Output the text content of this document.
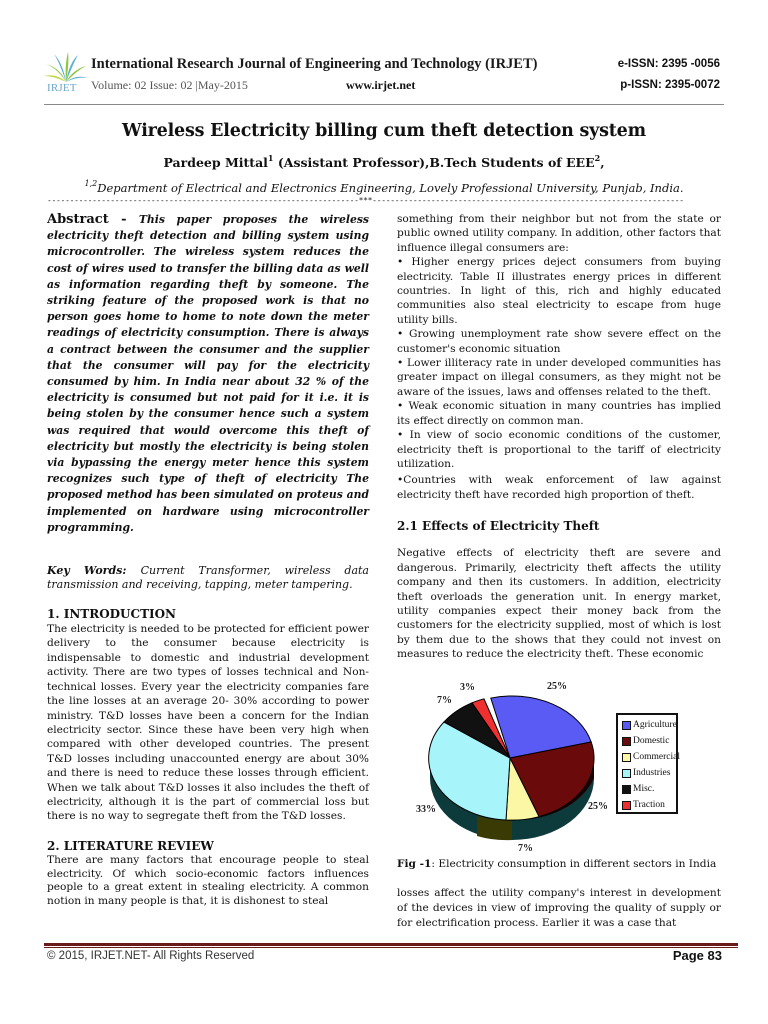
IRJET
International Research Journal of Engineering and Technology (IRJET)
Volume: 02 Issue: 02 |May-2015	www.irjet.net
e-ISSN: 2395 -0056
p-ISSN: 2395-0072
Wireless Electricity billing cum theft detection system
Pardeep Mittal$^1$ (Assistant Professor),B.Tech Students of EEE$^2$,
$^{1,2}$Department of Electrical and Electronics Engineering, Lovely Professional University, Punjab, India.
---------------------------------------------------------------------***---------------------------------------------------------------------

Abstract - This paper proposes the wireless electricity theft detection and billing system using microcontroller. The wireless system reduces the cost of wires used to transfer the billing data as well as information regarding theft by someone. The striking feature of the proposed work is that no person goes home to home to note down the meter readings of electricity consumption. There is always a contract between the consumer and the supplier that the consumer will pay for the electricity consumed by him. In India near about 32 % of the electricity is consumed but not paid for it i.e. it is being stolen by the consumer hence such a system was required that would overcome this theft of electricity but mostly the electricity is being stolen via bypassing the energy meter hence this system recognizes such type of theft of electricity The proposed method has been simulated on proteus and implemented on hardware using microcontroller programming.

Key Words: Current Transformer, wireless data transmission and receiving, tapping, meter tampering.

1. INTRODUCTION

The electricity is needed to be protected for efficient power delivery to the consumer because electricity is indispensable to domestic and industrial development activity. There are two types of losses technical and Non-technical losses. Every year the electricity companies fare the line losses at an average 20- 30% according to power ministry. T&D losses have been a concern for the Indian electricity sector. Since these have been very high when compared with other developed countries. The present T&D losses including unaccounted energy are about 30% and there is need to reduce these losses through efficient. When we talk about T&D losses it also includes the theft of electricity, although it is the part of commercial loss but there is no way to segregate theft from the T&D losses.

2. LITERATURE REVIEW

There are many factors that encourage people to steal electricity. Of which socio-economic factors influences people to a great extent in stealing electricity. A common notion in many people is that, it is dishonest to steal

something from their neighbor but not from the state or public owned utility company. In addition, other factors that influence illegal consumers are:

• Higher energy prices deject consumers from buying electricity. Table II illustrates energy prices in different countries. In light of this, rich and highly educated communities also steal electricity to escape from huge utility bills.

• Growing unemployment rate show severe effect on the customer's economic situation

• Lower illiteracy rate in under developed communities has greater impact on illegal consumers, as they might not be aware of the issues, laws and offenses related to the theft.

• Weak economic situation in many countries has implied its effect directly on common man.

• In view of socio economic conditions of the customer, electricity theft is proportional to the tariff of electricity utilization.

•Countries with weak enforcement of law against electricity theft have recorded high proportion of theft.

2.1 Effects of Electricity Theft

Negative effects of electricity theft are severe and dangerous. Primarily, electricity theft affects the utility company and then its customers. In addition, electricity theft overloads the generation unit. In energy market, utility companies expect their money back from the customers for the electricity supplied, most of which is lost by them due to the shows that they could not invest on measures to reduce the electricity theft. These economic

25%
25%
7%
33%
7%
3%
Agriculture
Domestic
Commercial
Industries
Misc.
Traction
Fig -1: Electricity consumption in different sectors in India
losses affect the utility company's interest in development of the devices in view of improving the quality of supply or for electrification process. Earlier it was a case that
© 2015, IRJET.NET- All Rights Reserved	Page 83
